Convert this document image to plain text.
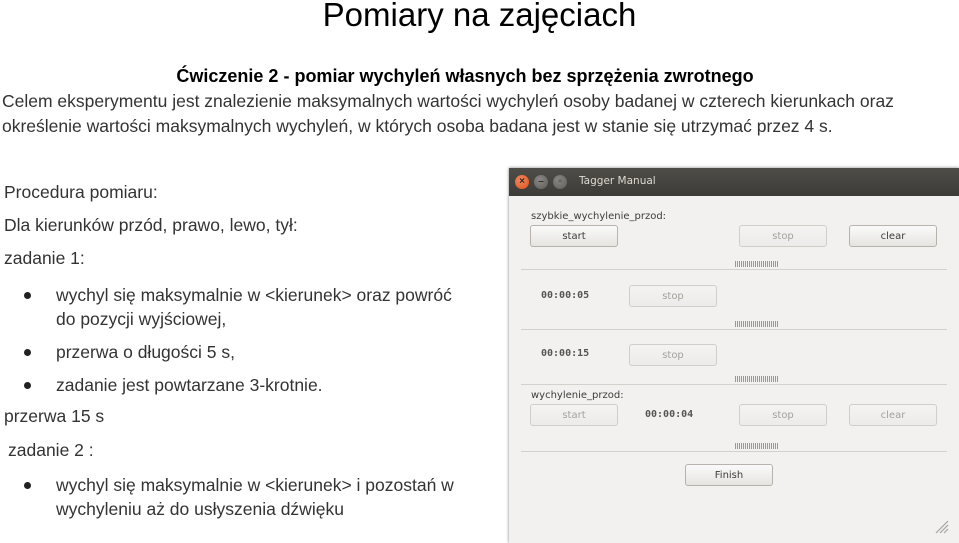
Pomiary na zajęciach
Ćwiczenie 2 - pomiar wychyleń własnych bez sprzężenia zwrotnego
Celem eksperymentu jest znalezienie maksymalnych wartości wychyleń osoby badanej w czterech kierunkach oraz określenie wartości maksymalnych wychyleń, w których osoba badana jest w stanie się utrzymać przez 4 s.
Procedura pomiaru:
Dla kierunków przód, prawo, lewo, tył:
zadanie 1:
wychyl się maksymalnie w <kierunek> oraz powróć do pozycji wyjściowej,
przerwa o długości 5 s,
zadanie jest powtarzane 3-krotnie.
przerwa 15 s
zadanie 2 :
wychyl się maksymalnie w <kierunek> i pozostań w wychyleniu aż do usłyszenia dźwięku
×	–	▫	Tagger Manual
szybkie_wychylenie_przod:
start	stop	clear
00:00:05	stop
00:00:15	stop
wychylenie_przod:
start	00:00:04	stop	clear
Finish
